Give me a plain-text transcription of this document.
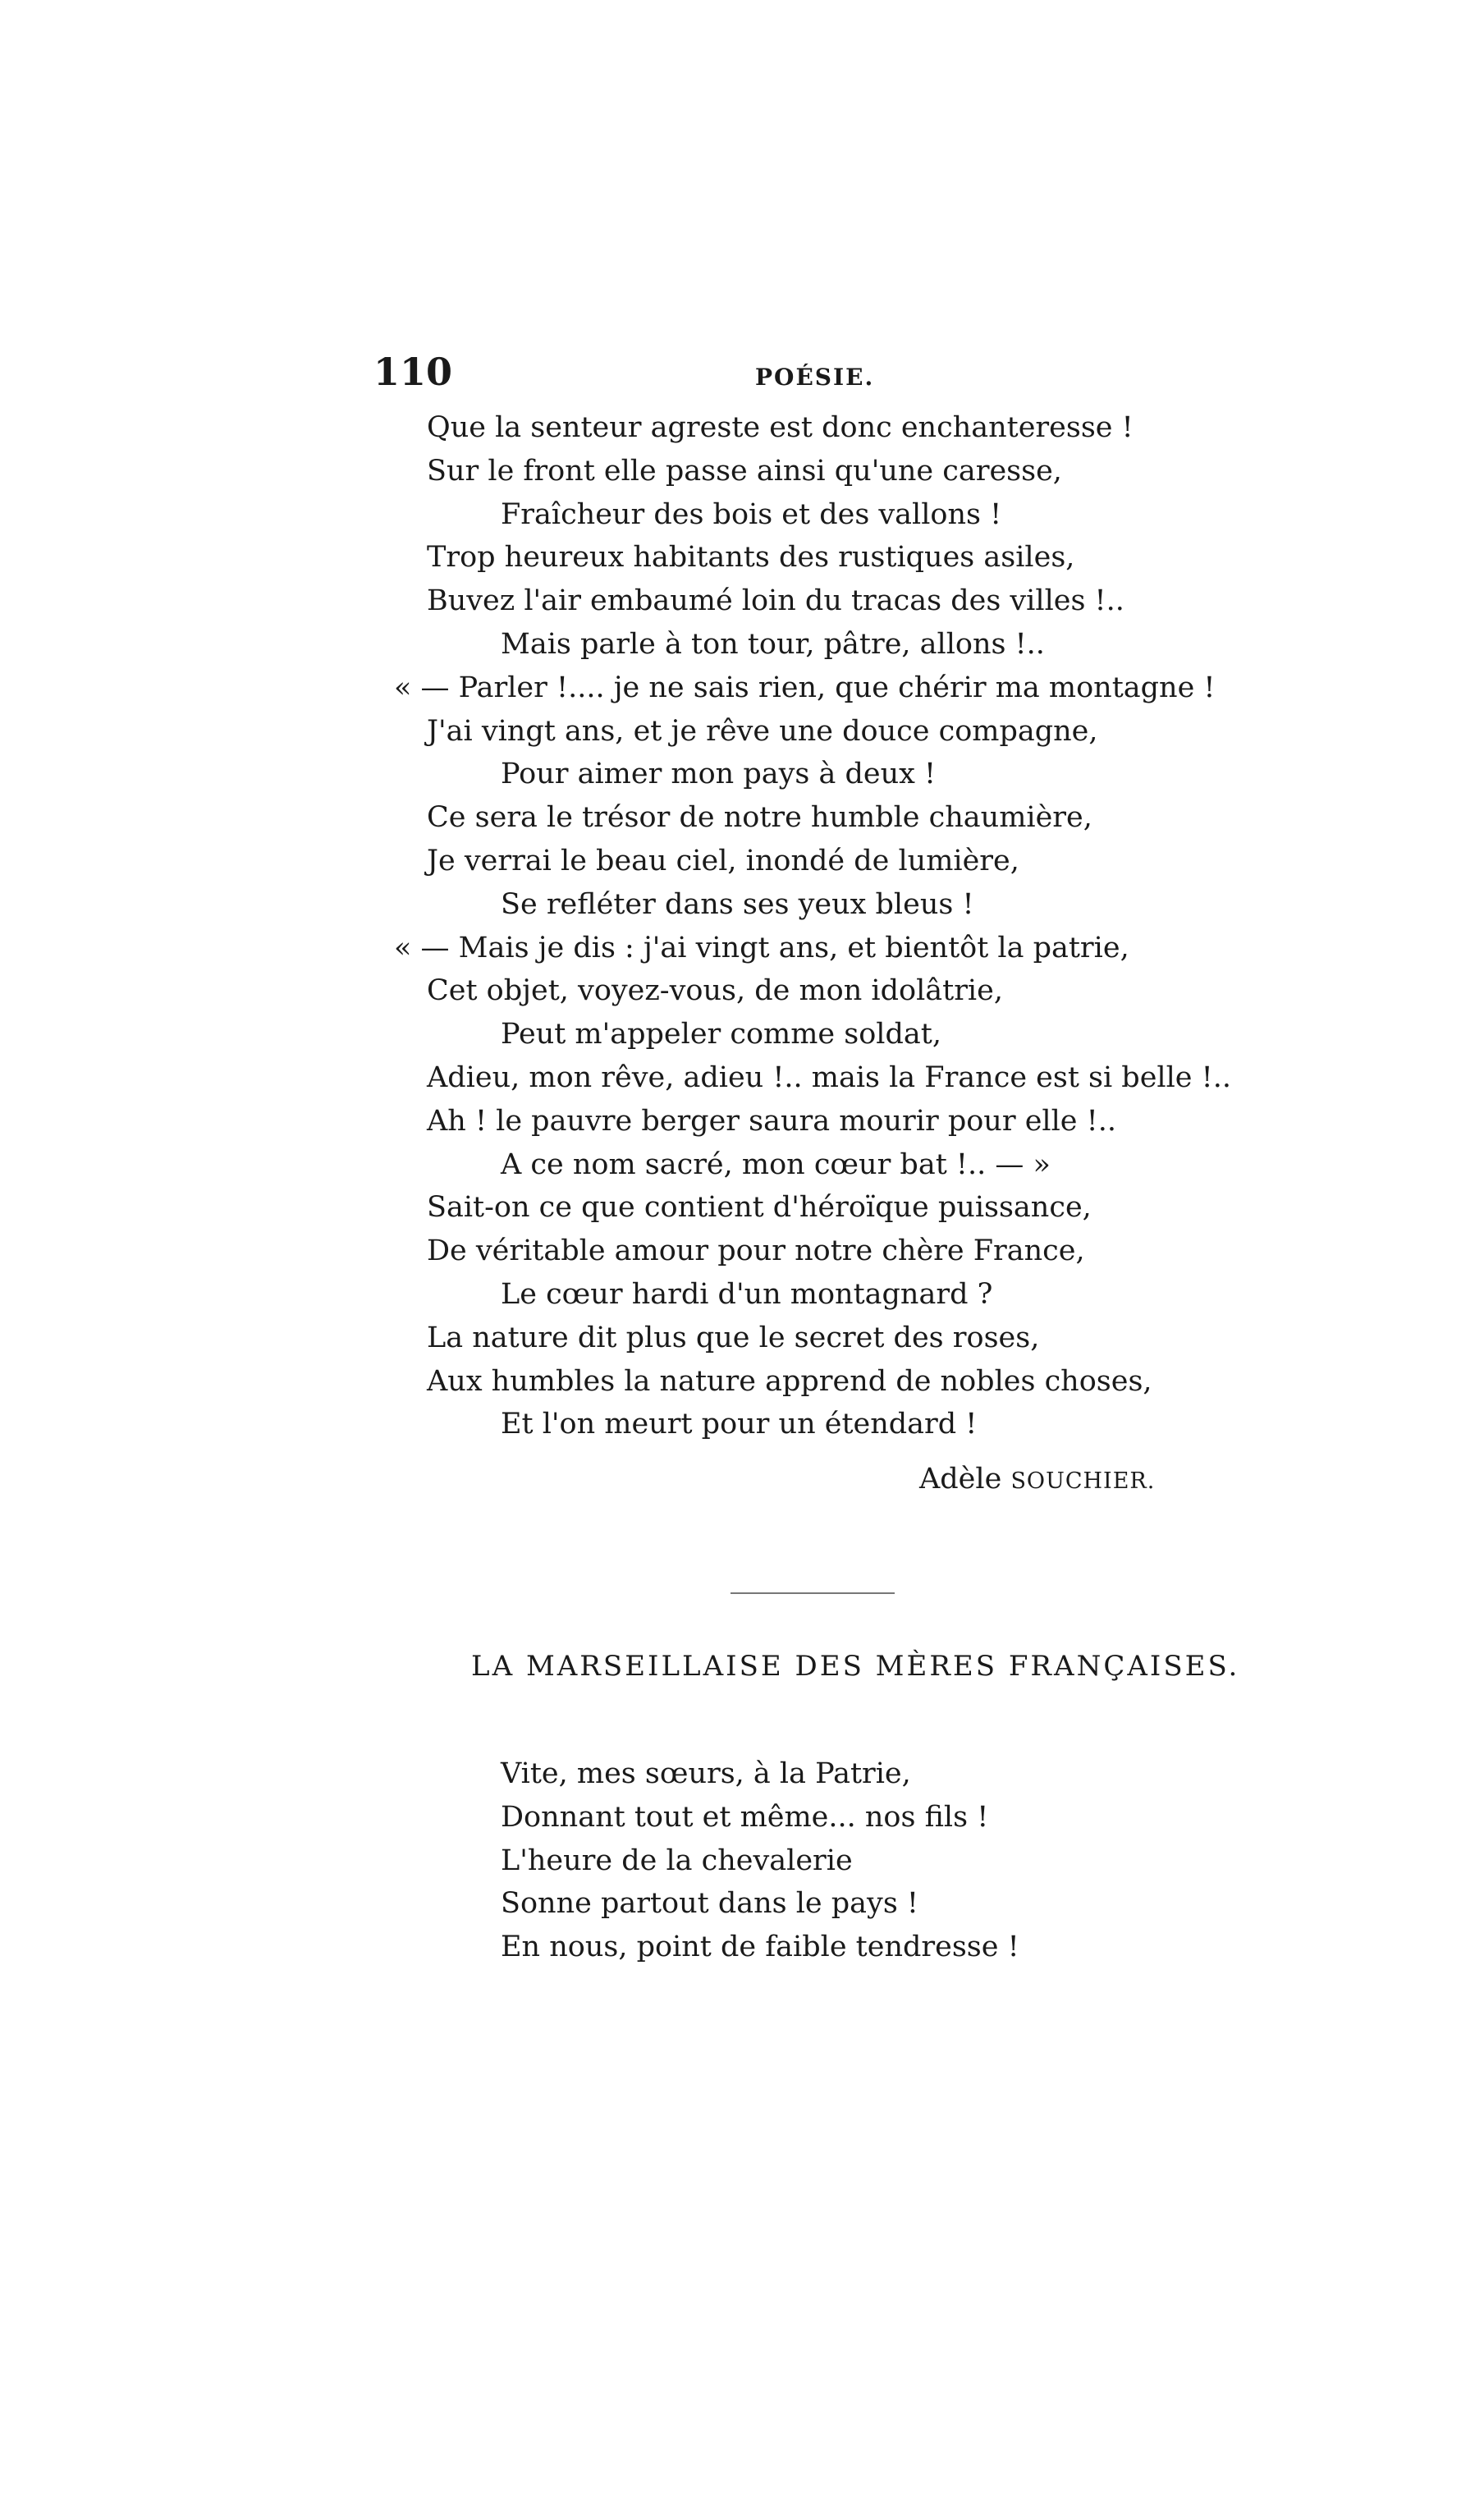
110	POÉSIE.
Que la senteur agreste est donc enchanteresse !
Sur le front elle passe ainsi qu'une caresse,
Fraîcheur des bois et des vallons !
Trop heureux habitants des rustiques asiles,
Buvez l'air embaumé loin du tracas des villes !..
Mais parle à ton tour, pâtre, allons !..
« — Parler !.... je ne sais rien, que chérir ma montagne !
J'ai vingt ans, et je rêve une douce compagne,
Pour aimer mon pays à deux !
Ce sera le trésor de notre humble chaumière,
Je verrai le beau ciel, inondé de lumière,
Se refléter dans ses yeux bleus !
« — Mais je dis : j'ai vingt ans, et bientôt la patrie,
Cet objet, voyez-vous, de mon idolâtrie,
Peut m'appeler comme soldat,
Adieu, mon rêve, adieu !.. mais la France est si belle !..
Ah ! le pauvre berger saura mourir pour elle !..
A ce nom sacré, mon cœur bat !.. — »
Sait-on ce que contient d'héroïque puissance,
De véritable amour pour notre chère France,
Le cœur hardi d'un montagnard ?
La nature dit plus que le secret des roses,
Aux humbles la nature apprend de nobles choses,
Et l'on meurt pour un étendard !
Adèle SOUCHIER.
LA MARSEILLAISE DES MÈRES FRANÇAISES.
Vite, mes sœurs, à la Patrie,
Donnant tout et même... nos fils !
L'heure de la chevalerie
Sonne partout dans le pays !
En nous, point de faible tendresse !
